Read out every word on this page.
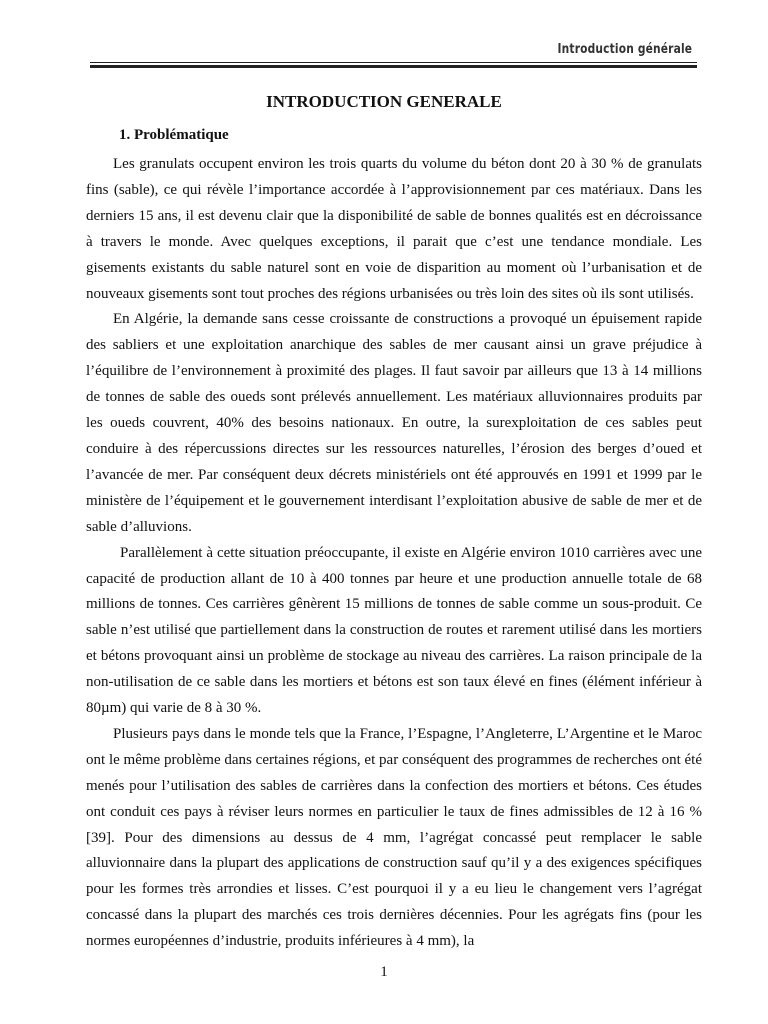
Introduction générale
INTRODUCTION GENERALE
1. Problématique

Les granulats occupent environ les trois quarts du volume du béton dont 20 à 30 % de granulats fins (sable), ce qui révèle l’importance accordée à l’approvisionnement par ces matériaux. Dans les derniers 15 ans, il est devenu clair que la disponibilité de sable de bonnes qualités est en décroissance à travers le monde. Avec quelques exceptions, il parait que c’est une tendance mondiale. Les gisements existants du sable naturel sont en voie de disparition au moment où l’urbanisation et de nouveaux gisements sont tout proches des régions urbanisées ou très loin des sites où ils sont utilisés.

En Algérie, la demande sans cesse croissante de constructions a provoqué un épuisement rapide des sabliers et une exploitation anarchique des sables de mer causant ainsi un grave préjudice à l’équilibre de l’environnement à proximité des plages. Il faut savoir par ailleurs que 13 à 14 millions de tonnes de sable des oueds sont prélevés annuellement. Les matériaux alluvionnaires produits par les oueds couvrent, 40% des besoins nationaux. En outre, la surexploitation de ces sables peut conduire à des répercussions directes sur les ressources naturelles, l’érosion des berges d’oued et l’avancée de mer. Par conséquent deux décrets ministériels ont été approuvés en 1991 et 1999 par le ministère de l’équipement et le gouvernement interdisant l’exploitation abusive de sable de mer et de sable d’alluvions.

Parallèlement à cette situation préoccupante, il existe en Algérie environ 1010 carrières avec une capacité de production allant de 10 à 400 tonnes par heure et une production annuelle totale de 68 millions de tonnes. Ces carrières gênèrent 15 millions de tonnes de sable comme un sous-produit. Ce sable n’est utilisé que partiellement dans la construction de routes et rarement utilisé dans les mortiers et bétons provoquant ainsi un problème de stockage au niveau des carrières. La raison principale de la non-utilisation de ce sable dans les mortiers et bétons est son taux élevé en fines (élément inférieur à 80µm) qui varie de 8 à 30 %.

Plusieurs pays dans le monde tels que la France, l’Espagne, l’Angleterre, L’Argentine et le Maroc ont le même problème dans certaines régions, et par conséquent des programmes de recherches ont été menés pour l’utilisation des sables de carrières dans la confection des mortiers et bétons. Ces études ont conduit ces pays à réviser leurs normes en particulier le taux de fines admissibles de 12 à 16 % [39]. Pour des dimensions au dessus de 4 mm, l’agrégat concassé peut remplacer le sable alluvionnaire dans la plupart des applications de construction sauf qu’il y a des exigences spécifiques pour les formes très arrondies et lisses. C’est pourquoi il y a eu lieu le changement vers l’agrégat concassé dans la plupart des marchés ces trois dernières décennies. Pour les agrégats fins (pour les normes européennes d’industrie, produits inférieures à 4 mm), la

1
